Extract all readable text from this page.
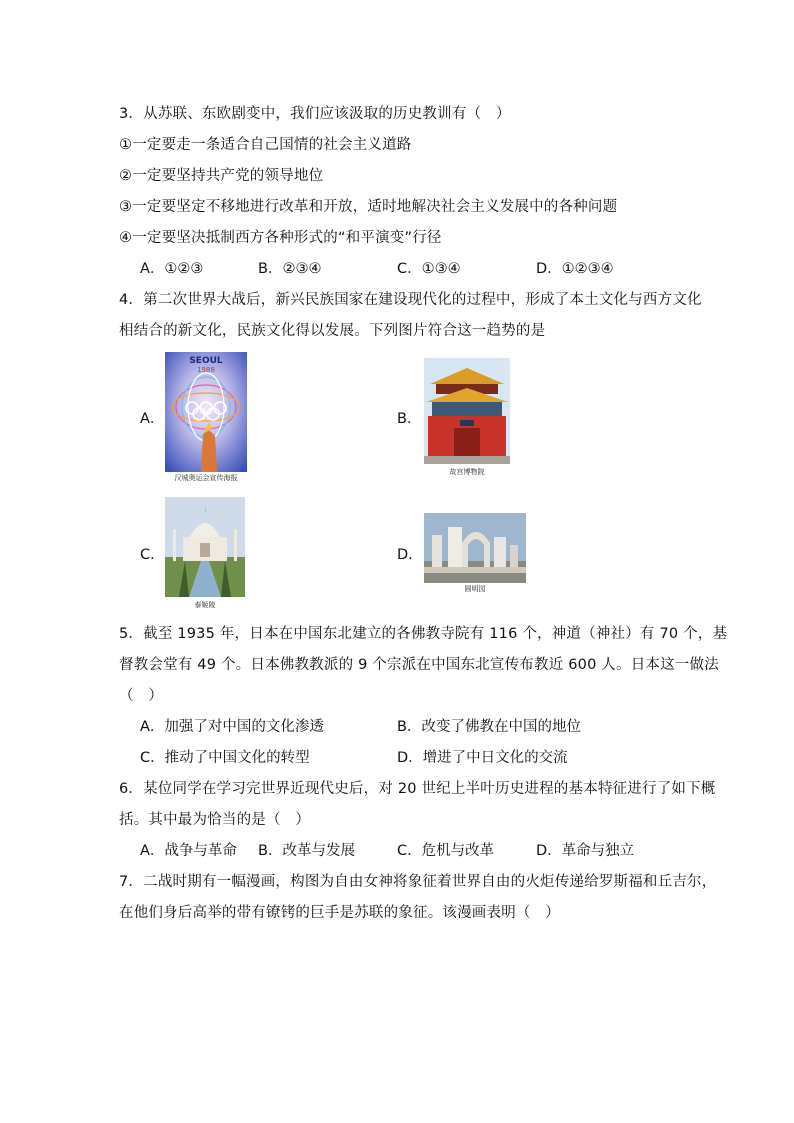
3．从苏联、东欧剧变中，我们应该汲取的历史教训有（　）
①一定要走一条适合自己国情的社会主义道路
②一定要坚持共产党的领导地位
③一定要坚定不移地进行改革和开放，适时地解决社会主义发展中的各种问题
④一定要坚决抵制西方各种形式的“和平演变”行径
A．①②③	B．②③④	C．①③④	D．①②③④
4．第二次世界大战后，新兴民族国家在建设现代化的过程中，形成了本土文化与西方文化
相结合的新文化，民族文化得以发展。下列图片符合这一趋势的是
A．
SEOUL
1988
汉城奥运会宣传海报
B．
故宫博物院
C．
泰姬陵
D．
圆明园
5．截至 1935 年，日本在中国东北建立的各佛教寺院有 116 个，神道（神社）有 70 个，基
督教会堂有 49 个。日本佛教教派的 9 个宗派在中国东北宣传布教近 600 人。日本这一做法
（　）
A．加强了对中国的文化渗透	B．改变了佛教在中国的地位
C．推动了中国文化的转型	D．增进了中日文化的交流
6．某位同学在学习完世界近现代史后，对 20 世纪上半叶历史进程的基本特征进行了如下概
括。其中最为恰当的是（　）
A．战争与革命 B．改革与发展	C．危机与改革	D．革命与独立
7．二战时期有一幅漫画，构图为自由女神将象征着世界自由的火炬传递给罗斯福和丘吉尔，
在他们身后高举的带有镣铐的巨手是苏联的象征。该漫画表明（　）
